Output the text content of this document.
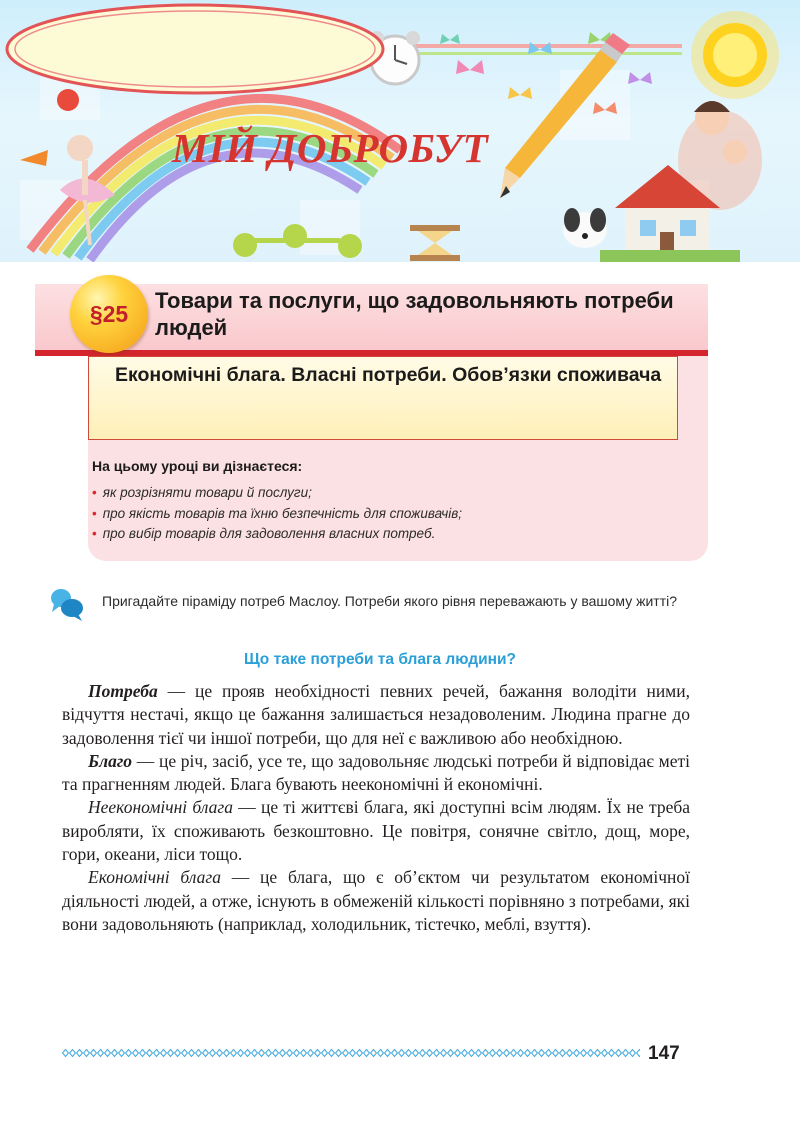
МІЙ ДОБРОБУТ
§25 Товари та послуги, що задовольняють потреби людей
Економічні блага. Власні потреби. Обов’язки споживача
На цьому уроці ви дізнаєтеся:
• як розрізняти товари й послуги;
• про якість товарів та їхню безпечність для споживачів;
• про вибір товарів для задоволення власних потреб.
Пригадайте піраміду потреб Маслоу. Потреби якого рівня переважають у вашому житті?
Що таке потреби та блага людини?

Потреба — це прояв необхідності певних речей, бажання володіти ними, відчуття нестачі, якщо це бажання залишається незадоволеним. Людина прагне до задоволення тієї чи іншої потреби, що для неї є важливою або необхідною.

Благо — це річ, засіб, усе те, що задовольняє людські потреби й відповідає меті та прагненням людей. Блага бувають неекономічні й економічні.

Неекономічні блага — це ті життєві блага, які доступні всім людям. Їх не треба виробляти, їх споживають безкоштовно. Це повітря, сонячне світло, дощ, море, гори, океани, ліси тощо.

Економічні блага — це блага, що є об’єктом чи результатом економічної діяльності людей, а отже, існують в обмеженій кількості порівняно з потребами, які вони задовольняють (наприклад, холодильник, тістечко, меблі, взуття).

147
